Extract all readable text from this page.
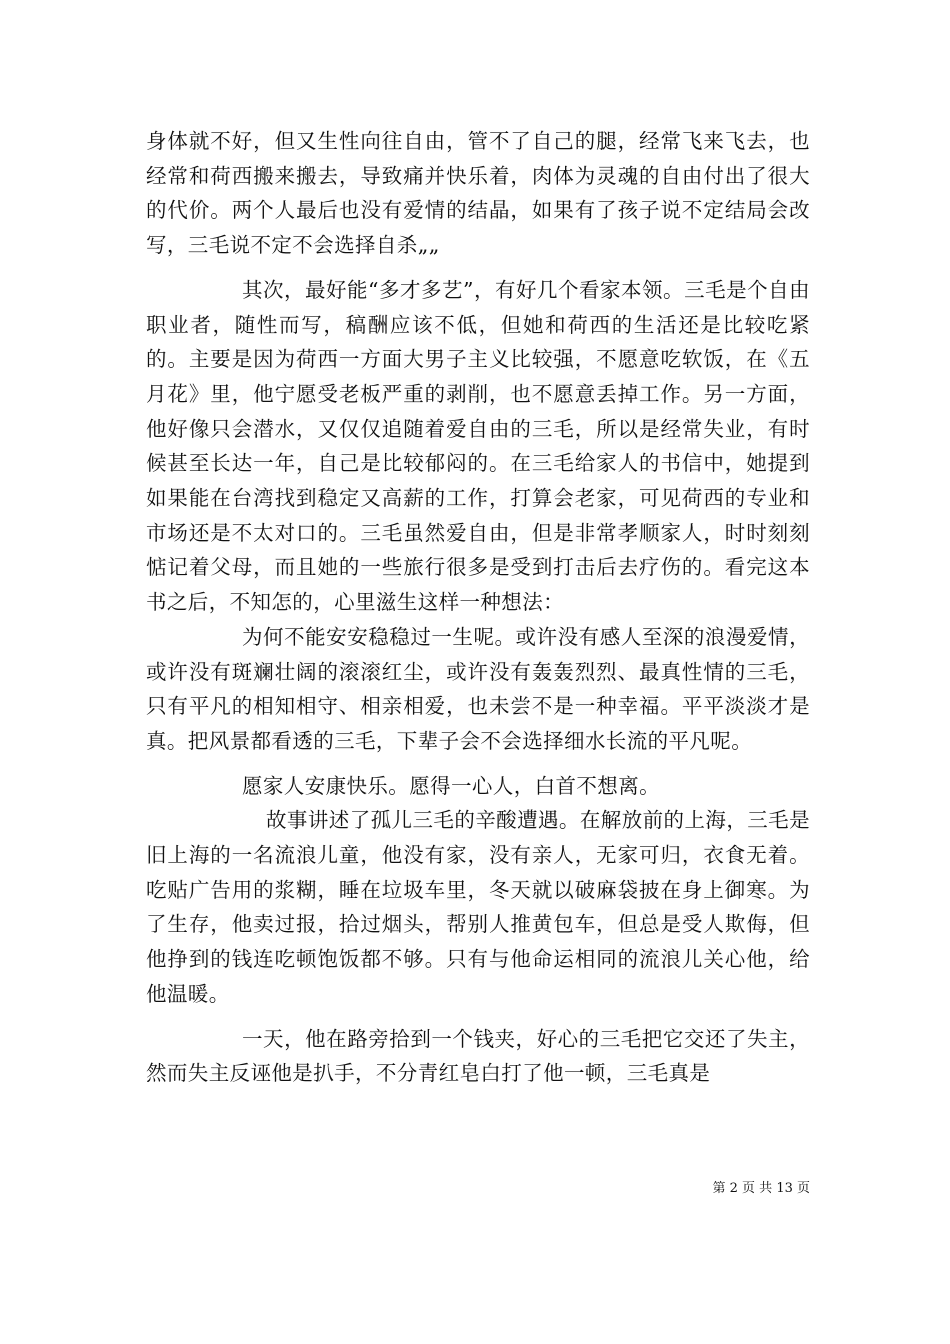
身体就不好，但又生性向往自由，管不了自己的腿，经常飞来飞去，也经常和荷西搬来搬去，导致痛并快乐着，肉体为灵魂的自由付出了很大的代价。两个人最后也没有爱情的结晶，如果有了孩子说不定结局会改写，三毛说不定不会选择自杀„„

其次，最好能“多才多艺”，有好几个看家本领。三毛是个自由职业者，随性而写，稿酬应该不低，但她和荷西的生活还是比较吃紧的。主要是因为荷西一方面大男子主义比较强，不愿意吃软饭，在《五月花》里，他宁愿受老板严重的剥削，也不愿意丢掉工作。另一方面，他好像只会潜水，又仅仅追随着爱自由的三毛，所以是经常失业，有时候甚至长达一年，自己是比较郁闷的。在三毛给家人的书信中，她提到如果能在台湾找到稳定又高薪的工作，打算会老家，可见荷西的专业和市场还是不太对口的。三毛虽然爱自由，但是非常孝顺家人，时时刻刻惦记着父母，而且她的一些旅行很多是受到打击后去疗伤的。看完这本书之后，不知怎的，心里滋生这样一种想法：

为何不能安安稳稳过一生呢。或许没有感人至深的浪漫爱情，或许没有斑斓壮阔的滚滚红尘，或许没有轰轰烈烈、最真性情的三毛，只有平凡的相知相守、相亲相爱，也未尝不是一种幸福。平平淡淡才是真。把风景都看透的三毛，下辈子会不会选择细水长流的平凡呢。

愿家人安康快乐。愿得一心人，白首不想离。

故事讲述了孤儿三毛的辛酸遭遇。在解放前的上海，三毛是旧上海的一名流浪儿童，他没有家，没有亲人，无家可归，衣食无着。吃贴广告用的浆糊，睡在垃圾车里，冬天就以破麻袋披在身上御寒。为了生存，他卖过报，拾过烟头，帮别人推黄包车，但总是受人欺侮，但他挣到的钱连吃顿饱饭都不够。只有与他命运相同的流浪儿关心他，给他温暖。

一天，他在路旁拾到一个钱夹，好心的三毛把它交还了失主，然而失主反诬他是扒手，不分青红皂白打了他一顿，三毛真是

第 2 页 共 13 页
